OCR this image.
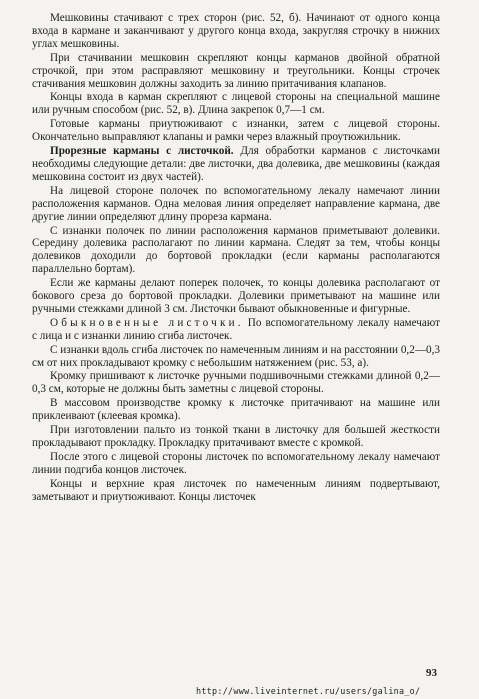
Мешковины стачивают с трех сторон (рис. 52, б). Начинают от одного конца входа в кармане и заканчивают у другого конца входа, закругляя строчку в нижних углах мешковины.

При стачивании мешковин скрепляют концы карманов двойной обратной строчкой, при этом расправляют мешковину и треугольники. Концы строчек стачивания мешковин должны заходить за линию притачивания клапанов.

Концы входа в карман скрепляют с лицевой стороны на специальной машине или ручным способом (рис. 52, в). Длина закрепок 0,7—1 см.

Готовые карманы приутюживают с изнанки, затем с лицевой стороны. Окончательно выправляют клапаны и рамки через влажный проутюжильник.

Прорезные карманы с листочкой. Для обработки карманов с листочками необходимы следующие детали: две листочки, два долевика, две мешковины (каждая мешковина состоит из двух частей).

На лицевой стороне полочек по вспомогательному лекалу намечают линии расположения карманов. Одна меловая линия определяет направление кармана, две другие линии определяют длину прореза кармана.

С изнанки полочек по линии расположения карманов приметывают долевики. Середину долевика располагают по линии кармана. Следят за тем, чтобы концы долевиков доходили до бортовой прокладки (если карманы располагаются параллельно бортам).

Если же карманы делают поперек полочек, то концы долевика располагают от бокового среза до бортовой прокладки. Долевики приметывают на машине или ручными стежками длиной 3 см. Листочки бывают обыкновенные и фигурные.

Обыкновенные листочки. По вспомогательному лекалу намечают с лица и с изнанки линию сгиба листочек.

С изнанки вдоль сгиба листочек по намеченным линиям и на расстоянии 0,2—0,3 см от них прокладывают кромку с небольшим натяжением (рис. 53, а).

Кромку пришивают к листочке ручными подшивочными стежками длиной 0,2—0,3 см, которые не должны быть заметны с лицевой стороны.

В массовом производстве кромку к листочке притачивают на машине или приклеивают (клеевая кромка).

При изготовлении пальто из тонкой ткани в листочку для большей жесткости прокладывают прокладку. Прокладку притачивают вместе с кромкой.

После этого с лицевой стороны листочек по вспомогательному лекалу намечают линии подгиба концов листочек.

Концы и верхние края листочек по намеченным линиям подвертывают, заметывают и приутюживают. Концы листочек

93
http://www.liveinternet.ru/users/galina_o/
